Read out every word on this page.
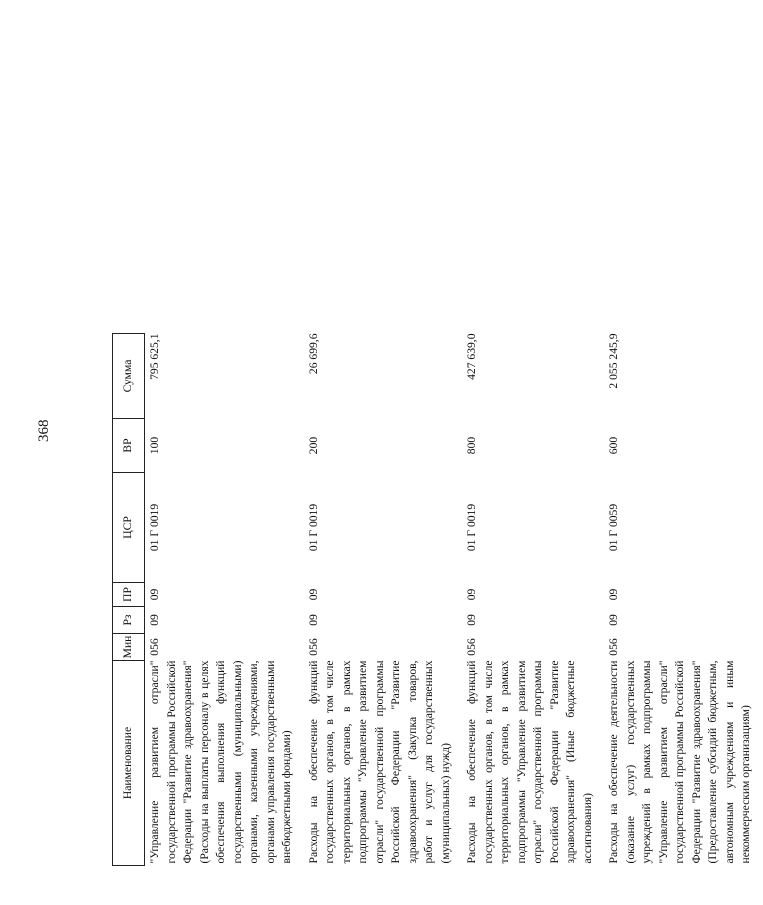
368
Наименование	Мин	Рз	ПР	ЦСР	ВР	Сумма
"Управление развитием отрасли" государственной программы Российской Федерации "Развитие здравоохранения" (Расходы на выплаты персоналу в целях обеспечения выполнения функций государственными (муниципальными) органами, казенными учреждениями, органами управления государственными внебюджетными фондами)	056	09	09	01 Г 0019	100	795 625,1
Расходы на обеспечение функций государственных органов, в том числе территориальных органов, в рамках подпрограммы "Управление развитием отрасли" государственной программы Российской Федерации "Развитие здравоохранения" (Закупка товаров, работ и услуг для государственных (муниципальных) нужд)	056	09	09	01 Г 0019	200	26 699,6
Расходы на обеспечение функций государственных органов, в том числе территориальных органов, в рамках подпрограммы "Управление развитием отрасли" государственной программы Российской Федерации "Развитие здравоохранения" (Иные бюджетные ассигнования)	056	09	09	01 Г 0019	800	427 639,0
Расходы на обеспечение деятельности (оказание услуг) государственных учреждений в рамках подпрограммы "Управление развитием отрасли" государственной программы Российской Федерации "Развитие здравоохранения" (Предоставление субсидий бюджетным, автономным учреждениям и иным некоммерческим организациям)	056	09	09	01 Г 0059	600	2 055 245,9
